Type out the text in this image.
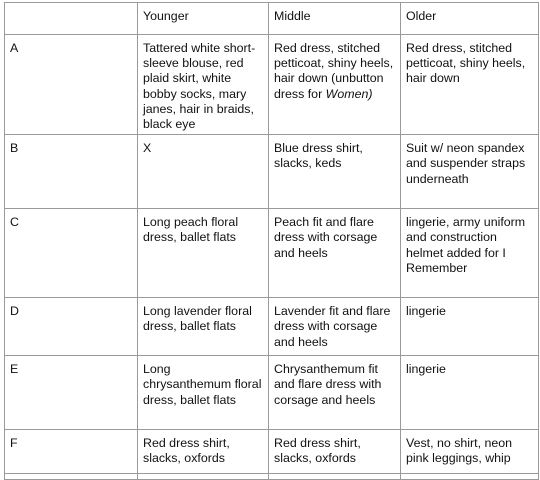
	Younger	Middle	Older
A	Tattered white short-sleeve blouse, red plaid skirt, white bobby socks, mary janes, hair in braids, black eye	Red dress, stitched petticoat, shiny heels, hair down (unbutton dress for Women)	Red dress, stitched petticoat, shiny heels, hair down
B	X	Blue dress shirt, slacks, keds	Suit w/ neon spandex and suspender straps underneath
C	Long peach floral dress, ballet flats	Peach fit and flare dress with corsage and heels	lingerie, army uniform and construction helmet added for I Remember
D	Long lavender floral dress, ballet flats	Lavender fit and flare dress with corsage and heels	lingerie
E	Long chrysanthemum floral dress, ballet flats	Chrysanthemum fit and flare dress with corsage and heels	lingerie
F	Red dress shirt, slacks, oxfords	Red dress shirt, slacks, oxfords	Vest, no shirt, neon pink leggings, whip
